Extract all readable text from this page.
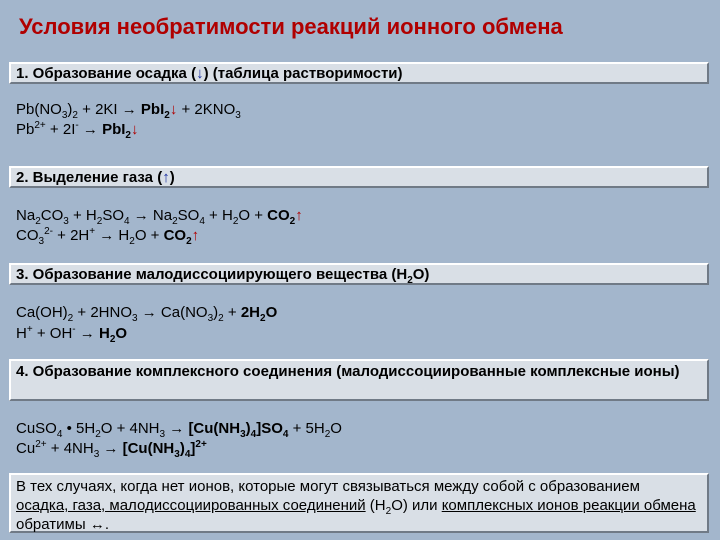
Условия необратимости реакций ионного обмена
1. Образование осадка (↓) (таблица растворимости)
$Pb(NO_3)_2 + 2KI$ → PbI$_2$↓ + $2KNO_3$
$Pb^{2+} + 2I^-$ → PbI$_2$↓
2. Выделение газа (↑)
$Na_2CO_3 + H_2SO_4 \to Na_2SO_4 + H_2O$ + $CO_2↑$
$CO_3^{2-} + 2H^+ \to H_2O$ + $CO_2↑$
3. Образование малодиссоциирующего вещества $(H_2O)$
$Ca(OH)_2 + 2HNO_3 \to Ca(NO_3)_2 + 2H_2O$
$H^+ + OH^- \to H_2O$
4. Образование комплексного соединения (малодиссоциированные комплексные ионы)
CuSO$_4$ • $5H_2O + 4NH_3 \to [Cu(NH_3)_4]SO_4 + 5H_2O$
$Cu^{2+} + 4NH_3 \to [Cu(NH_3)_4]^{2+}$
В тех случаях, когда нет ионов, которые могут связываться между собой с образованием осадка, газа, малодиссоциированных соединений $(H_2O)$ или комплексных ионов реакции обмена обратимы ↔.
